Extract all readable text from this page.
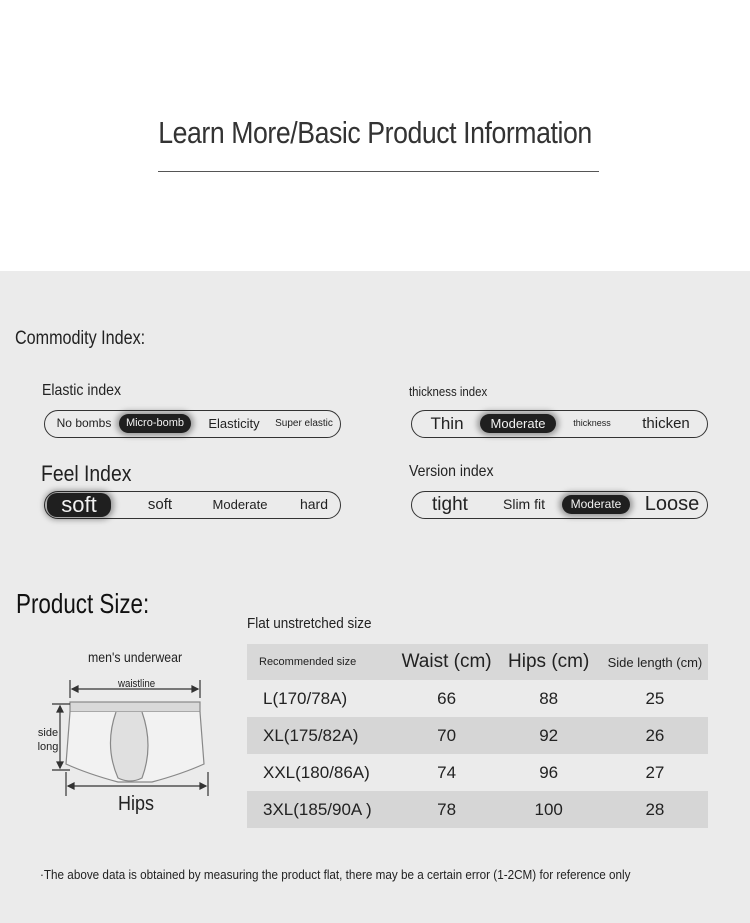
Learn More/Basic Product Information
Commodity Index:
Elastic index
No bombs	Micro-bomb	Elasticity	Super elastic
thickness index
Thin	Moderate	thickness	thicken
Feel Index
soft	soft	Moderate	hard
Version index
tight	Slim fit	Moderate	Loose
Product Size:
Flat unstretched size
men's underwear
waistline
side long
Hips
Recommended size	Waist (cm)	Hips (cm)	Side length (cm)
L(170/78A)	66	88	25
XL(175/82A)	70	92	26
XXL(180/86A)	74	96	27
3XL(185/90A )	78	100	28
·The above data is obtained by measuring the product flat, there may be a certain error (1-2CM) for reference only
